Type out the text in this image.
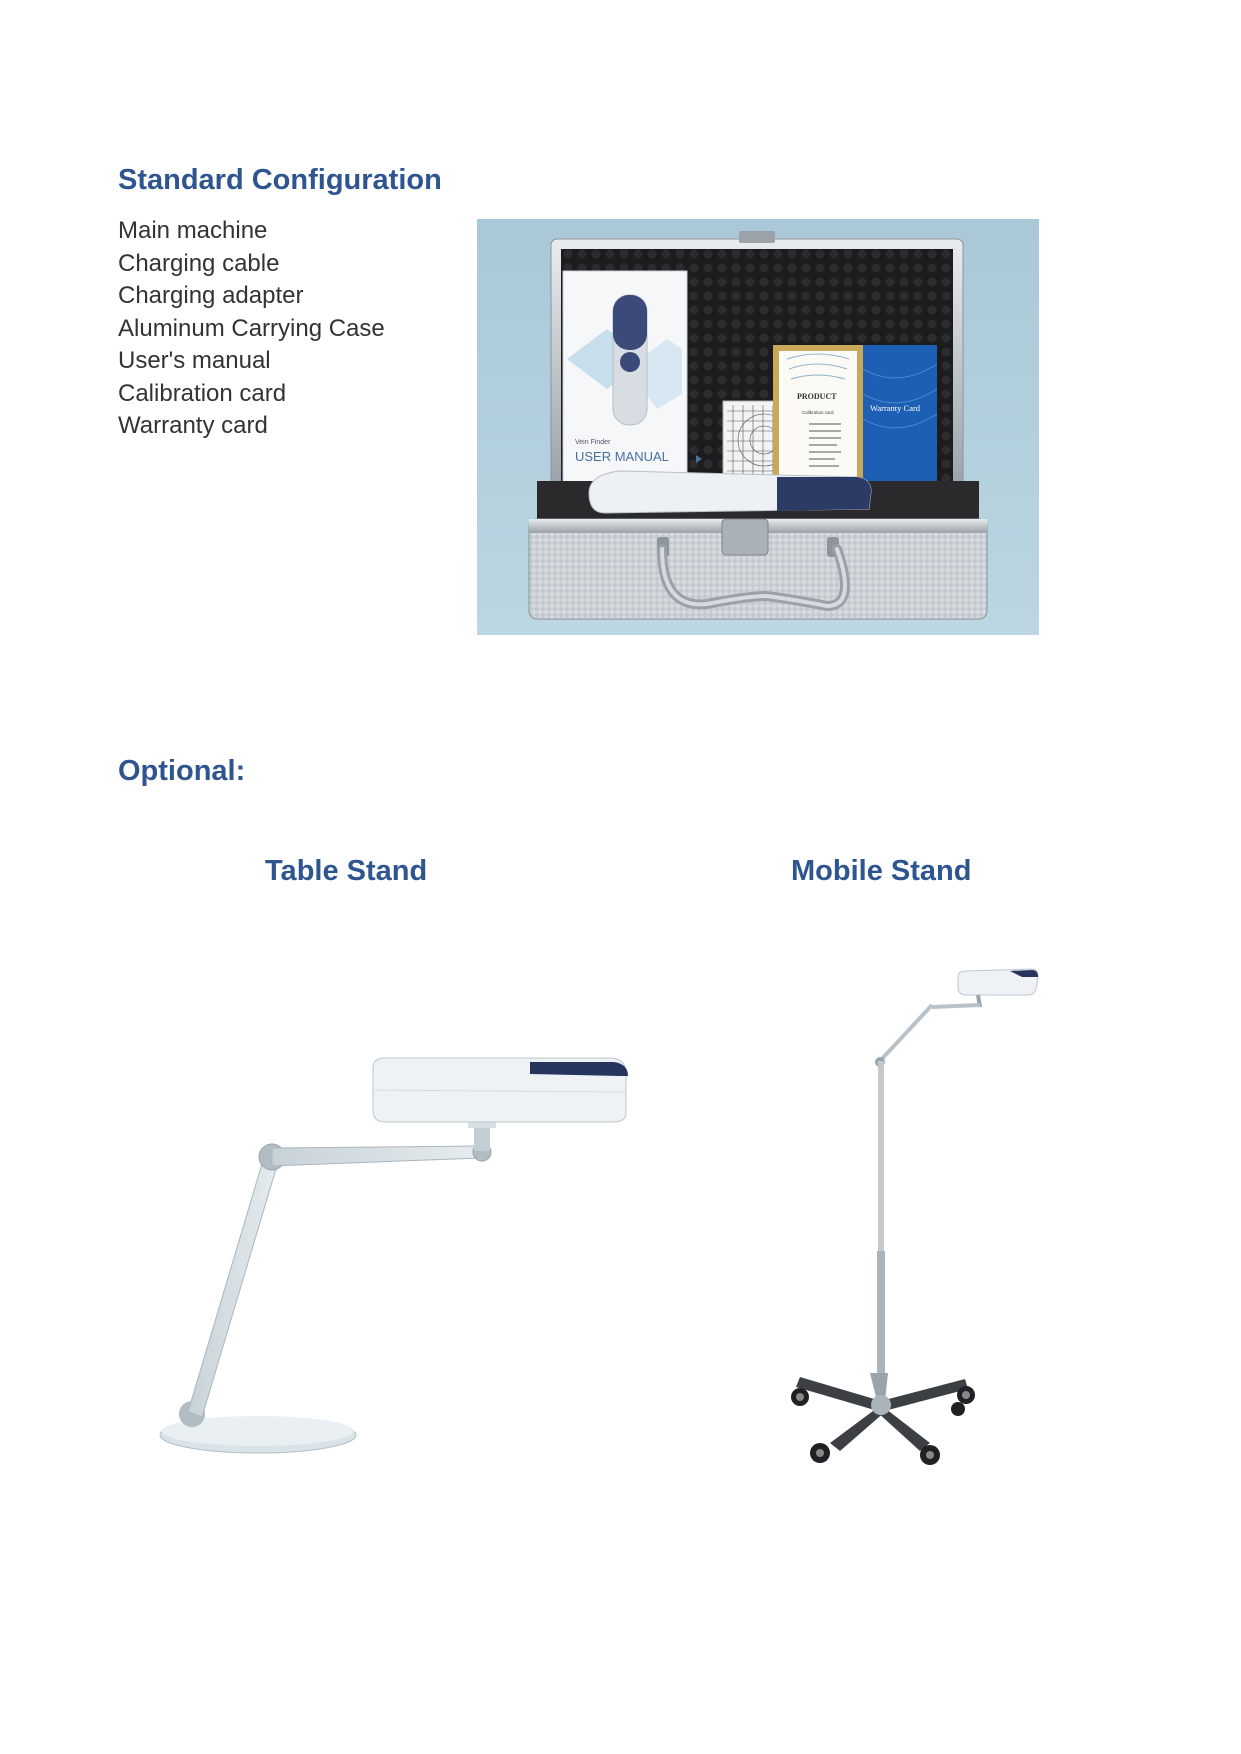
Standard Configuration
Main machine
Charging cable
Charging adapter
Aluminum Carrying Case
User's manual
Calibration card
Warranty card
Vein Finder
USER MANUAL
PRODUCT
Calibration card	Warranty Card
Optional:
Table Stand	Mobile Stand
